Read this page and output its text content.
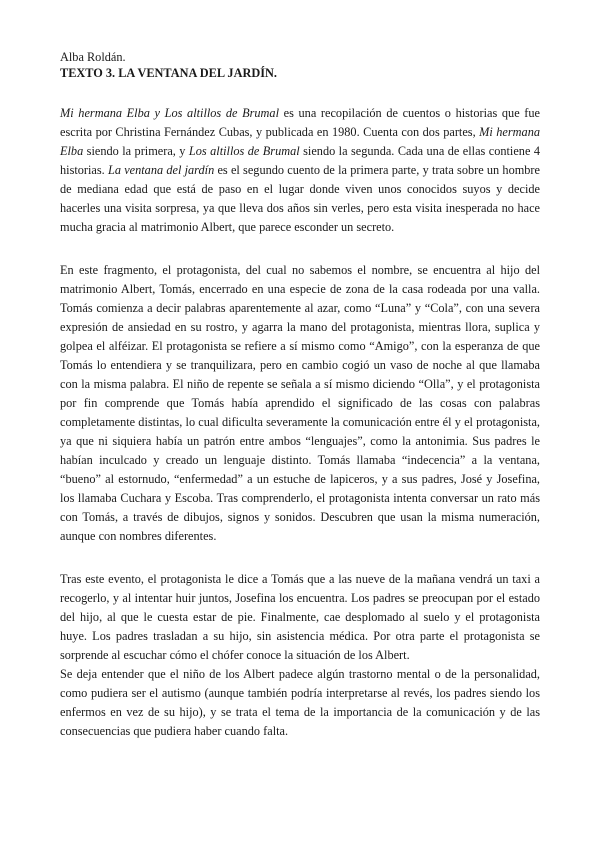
Alba Roldán.

TEXTO 3. LA VENTANA DEL JARDÍN.

Mi hermana Elba y Los altillos de Brumal es una recopilación de cuentos o historias que fue escrita por Christina Fernández Cubas, y publicada en 1980. Cuenta con dos partes, Mi hermana Elba siendo la primera, y Los altillos de Brumal siendo la segunda. Cada una de ellas contiene 4 historias. La ventana del jardín es el segundo cuento de la primera parte, y trata sobre un hombre de mediana edad que está de paso en el lugar donde viven unos conocidos suyos y decide hacerles una visita sorpresa, ya que lleva dos años sin verles, pero esta visita inesperada no hace mucha gracia al matrimonio Albert, que parece esconder un secreto.

En este fragmento, el protagonista, del cual no sabemos el nombre, se encuentra al hijo del matrimonio Albert, Tomás, encerrado en una especie de zona de la casa rodeada por una valla. Tomás comienza a decir palabras aparentemente al azar, como “Luna” y “Cola”, con una severa expresión de ansiedad en su rostro, y agarra la mano del protagonista, mientras llora, suplica y golpea el alféizar. El protagonista se refiere a sí mismo como “Amigo”, con la esperanza de que Tomás lo entendiera y se tranquilizara, pero en cambio cogió un vaso de noche al que llamaba con la misma palabra. El niño de repente se señala a sí mismo diciendo “Olla”, y el protagonista por fin comprende que Tomás había aprendido el significado de las cosas con palabras completamente distintas, lo cual dificulta severamente la comunicación entre él y el protagonista, ya que ni siquiera había un patrón entre ambos “lenguajes”, como la antonimia. Sus padres le habían inculcado y creado un lenguaje distinto. Tomás llamaba “indecencia” a la ventana, “bueno” al estornudo, “enfermedad” a un estuche de lapiceros, y a sus padres, José y Josefina, los llamaba Cuchara y Escoba. Tras comprenderlo, el protagonista intenta conversar un rato más con Tomás, a través de dibujos, signos y sonidos. Descubren que usan la misma numeración, aunque con nombres diferentes.

Tras este evento, el protagonista le dice a Tomás que a las nueve de la mañana vendrá un taxi a recogerlo, y al intentar huir juntos, Josefina los encuentra. Los padres se preocupan por el estado del hijo, al que le cuesta estar de pie. Finalmente, cae desplomado al suelo y el protagonista huye. Los padres trasladan a su hijo, sin asistencia médica. Por otra parte el protagonista se sorprende al escuchar cómo el chófer conoce la situación de los Albert.

Se deja entender que el niño de los Albert padece algún trastorno mental o de la personalidad, como pudiera ser el autismo (aunque también podría interpretarse al revés, los padres siendo los enfermos en vez de su hijo), y se trata el tema de la importancia de la comunicación y de las consecuencias que pudiera haber cuando falta.
